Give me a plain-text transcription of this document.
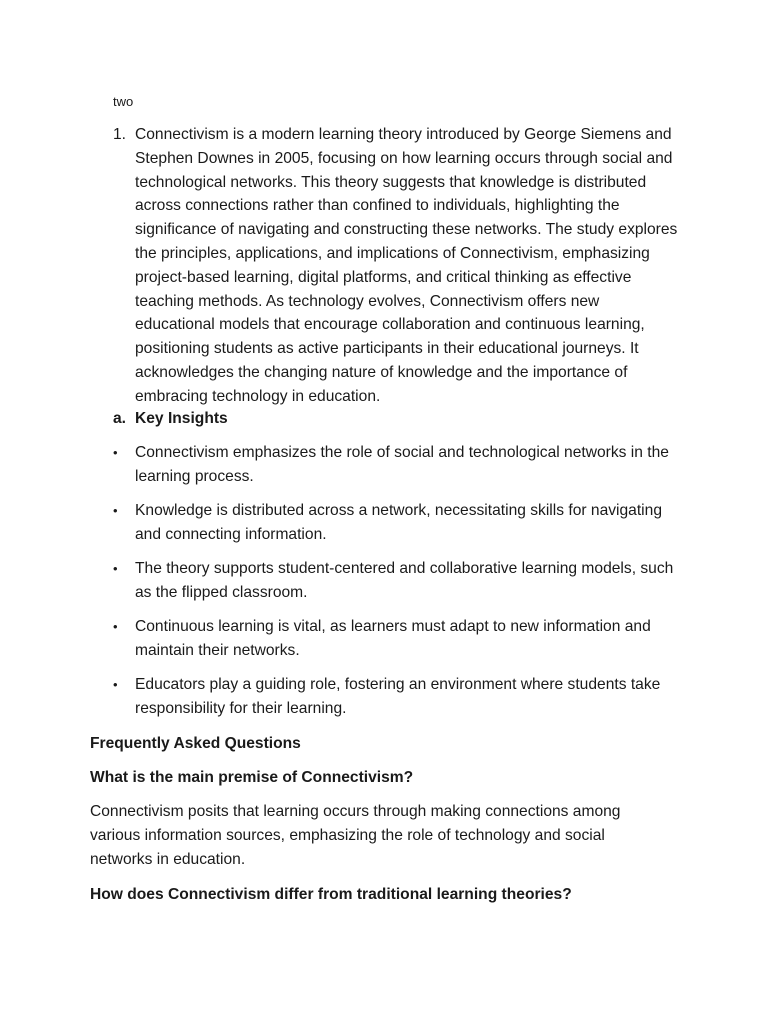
two
1. Connectivism is a modern learning theory introduced by George Siemens and Stephen Downes in 2005, focusing on how learning occurs through social and technological networks. This theory suggests that knowledge is distributed across connections rather than confined to individuals, highlighting the significance of navigating and constructing these networks. The study explores the principles, applications, and implications of Connectivism, emphasizing project-based learning, digital platforms, and critical thinking as effective teaching methods. As technology evolves, Connectivism offers new educational models that encourage collaboration and continuous learning, positioning students as active participants in their educational journeys. It acknowledges the changing nature of knowledge and the importance of embracing technology in education.
a. Key Insights
• Connectivism emphasizes the role of social and technological networks in the learning process.
• Knowledge is distributed across a network, necessitating skills for navigating and connecting information.
• The theory supports student-centered and collaborative learning models, such as the flipped classroom.
• Continuous learning is vital, as learners must adapt to new information and maintain their networks.
• Educators play a guiding role, fostering an environment where students take responsibility for their learning.
Frequently Asked Questions
What is the main premise of Connectivism?
Connectivism posits that learning occurs through making connections among various information sources, emphasizing the role of technology and social networks in education.
How does Connectivism differ from traditional learning theories?
